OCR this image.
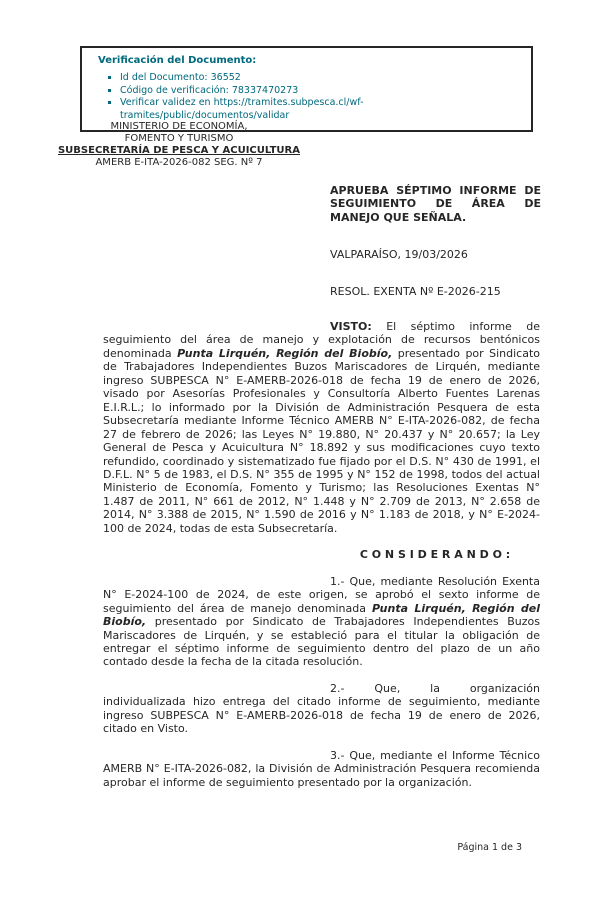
Verificación del Documento:
▪ Id del Documento: 36552
▪ Código de verificación: 78337470273
▪ Verificar validez en https://tramites.subpesca.cl/wf-tramites/public/documentos/validar
MINISTERIO DE ECONOMÍA,
FOMENTO Y TURISMO
SUBSECRETARÍA DE PESCA Y ACUICULTURA
AMERB E-ITA-2026-082 SEG. Nº 7
APRUEBA SÉPTIMO INFORME DE SEGUIMIENTO DE ÁREA DE MANEJO QUE SEÑALA.
VALPARAÍSO, 19/03/2026
RESOL. EXENTA Nº E-2026-215

VISTO: El séptimo informe de seguimiento del área de manejo y explotación de recursos bentónicos denominada Punta Lirquén, Región del Biobío, presentado por Sindicato de Trabajadores Independientes Buzos Mariscadores de Lirquén, mediante ingreso SUBPESCA N° E-AMERB-2026-018 de fecha 19 de enero de 2026, visado por Asesorías Profesionales y Consultoría Alberto Fuentes Larenas E.I.R.L.; lo informado por la División de Administración Pesquera de esta Subsecretaría mediante Informe Técnico AMERB N° E-ITA-2026-082, de fecha 27 de febrero de 2026; las Leyes N° 19.880, N° 20.437 y N° 20.657; la Ley General de Pesca y Acuicultura N° 18.892 y sus modificaciones cuyo texto refundido, coordinado y sistematizado fue fijado por el D.S. N° 430 de 1991, el D.F.L. N° 5 de 1983, el D.S. N° 355 de 1995 y N° 152 de 1998, todos del actual Ministerio de Economía, Fomento y Turismo; las Resoluciones Exentas N° 1.487 de 2011, N° 661 de 2012, N° 1.448 y N° 2.709 de 2013, N° 2.658 de 2014, N° 3.388 de 2015, N° 1.590 de 2016 y N° 1.183 de 2018, y N° E-2024-100 de 2024, todas de esta Subsecretaría.

C O N S I D E R A N D O :

1.- Que, mediante Resolución Exenta N° E-2024-100 de 2024, de este origen, se aprobó el sexto informe de seguimiento del área de manejo denominada Punta Lirquén, Región del Biobío, presentado por Sindicato de Trabajadores Independientes Buzos Mariscadores de Lirquén, y se estableció para el titular la obligación de entregar el séptimo informe de seguimiento dentro del plazo de un año contado desde la fecha de la citada resolución.

2.- Que, la organización individualizada hizo entrega del citado informe de seguimiento, mediante ingreso SUBPESCA N° E-AMERB-2026-018 de fecha 19 de enero de 2026, citado en Visto.

3.- Que, mediante el Informe Técnico AMERB N° E-ITA-2026-082, la División de Administración Pesquera recomienda aprobar el informe de seguimiento presentado por la organización.

Página 1 de 3
